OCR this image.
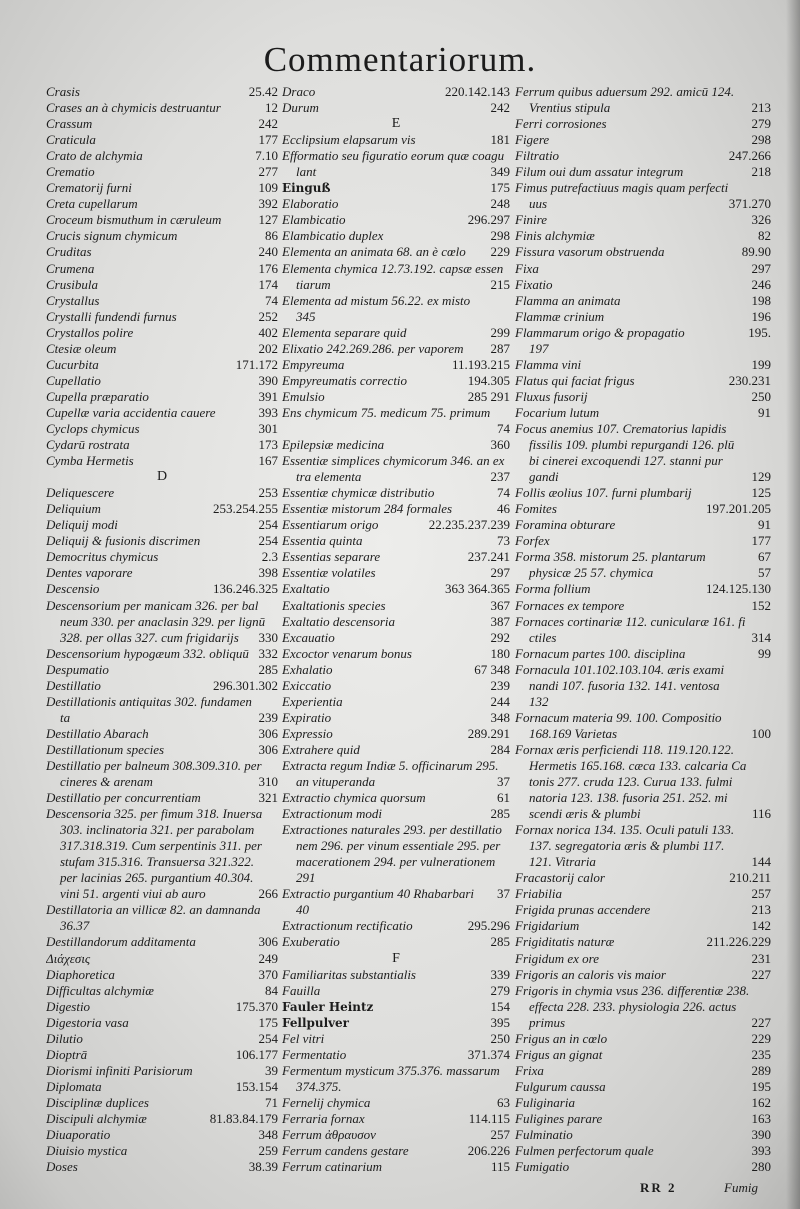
Commentariorum.
Crasis	25.42
Crases an à chymicis destruantur	12
Crassum	242
Craticula	177
Crato de alchymia	7.10
Crematio	277
Crematorij furni	109
Creta cupellarum	392
Croceum bismuthum in cæruleum	127
Crucis signum chymicum	86
Cruditas	240
Crumena	176
Crusibula	174
Crystallus	74
Crystalli fundendi furnus	252
Crystallos polire	402
Ctesiæ oleum	202
Cucurbita	171.172
Cupellatio	390
Cupella præparatio	391
Cupellæ varia accidentia cauere	393
Cyclops chymicus	301
Cydarū rostrata	173
Cymba Hermetis	167
D
Deliquescere	253
Deliquium	253.254.255
Deliquij modi	254
Deliquij & fusionis discrimen	254
Democritus chymicus	2.3
Dentes vaporare	398
Descensio	136.246.325
Descensorium per manicam 326. per bal
neum 330. per anaclasin 329. per lignū
328. per ollas 327. cum frigidarijs	330
Descensorium hypogæum 332. obliquū 332
Despumatio	285
Destillatio	296.301.302
Destillationis antiquitas 302. fundamen
ta	239
Destillatio Abarach	306
Destillationum species	306
Destillatio per balneum 308.309.310. per
cineres & arenam	310
Destillatio per concurrentiam	321
Descensoria 325. per fimum 318. Inuersa
303. inclinatoria 321. per parabolam
317.318.319. Cum serpentinis 311. per
stufam 315.316. Transuersa 321.322.
per lacinias 265. purgantium 40.304.
vini 51. argenti viui ab auro	266
Destillatoria an villicæ 82. an damnanda
36.37
Destillandorum additamenta	306
Διάχεσις	249
Diaphoretica	370
Difficultas alchymiæ	84
Digestio	175.370
Digestoria vasa	175
Dilutio	254
Dioptrā	106.177
Diorismi infiniti Parisiorum	39
Diplomata	153.154
Disciplinæ duplices	71
Discipuli alchymiæ	81.83.84.179
Diuaporatio	348
Diuisio mystica	259
Doses	38.39
Draco	220.142.143
Durum	242
E
Ecclipsium elapsarum vis	181
Efformatio seu figuratio eorum quæ coagu
lant	349
Einguß	175
Elaboratio	248
Elambicatio	296.297
Elambicatio duplex	298
Elementa an animata 68. an è cœlo	229
Elementa chymica 12.73.192. capsæ essen
tiarum	215
Elementa ad mistum 56.22. ex misto
345
Elementa separare quid	299
Elixatio 242.269.286. per vaporem	287
Empyreuma	11.193.215
Empyreumatis correctio	194.305
Emulsio	285 291
Ens chymicum 75. medicum 75. primum
74
Epilepsiæ medicina	360
Essentiæ simplices chymicorum 346. an ex
tra elementa	237
Essentiæ chymicæ distributio	74
Essentiæ mistorum 284 formales	46
Essentiarum origo	22.235.237.239
Essentia quinta	73
Essentias separare	237.241
Essentiæ volatiles	297
Exaltatio	363 364.365
Exaltationis species	367
Exaltatio descensoria	387
Excauatio	292
Excoctor venarum bonus	180
Exhalatio	67 348
Exiccatio	239
Experientia	244
Expiratio	348
Expressio	289.291
Extrahere quid	284
Extracta regum Indiæ 5. officinarum 295.
an vituperanda	37
Extractio chymica quorsum	61
Extractionum modi	285
Extractiones naturales 293. per destillatio
nem 296. per vinum essentiale 295. per
macerationem 294. per vulnerationem
291
Extractio purgantium 40 Rhabarbari	37
40
Extractionum rectificatio	295.296
Exuberatio	285
F
Familiaritas substantialis	339
Fauilla	279
Fauler Heintz	154
Fellpulver	395
Fel vitri	250
Fermentatio	371.374
Fermentum mysticum 375.376. massarum
374.375.
Fernelij chymica	63
Ferraria fornax	114.115
Ferrum ἀθραυσον	257
Ferrum candens gestare	206.226
Ferrum catinarium	115
Ferrum quibus aduersum 292. amicū 124.
Vrentius stipula	213
Ferri corrosiones	279
Figere	298
Filtratio	247.266
Filum oui dum assatur integrum	218
Fimus putrefactiuus magis quam perfecti
uus	371.270
Finire	326
Finis alchymiæ	82
Fissura vasorum obstruenda	89.90
Fixa	297
Fixatio	246
Flamma an animata	198
Flammæ crinium	196
Flammarum origo & propagatio	195.
197
Flamma vini	199
Flatus qui faciat frigus	230.231
Fluxus fusorij	250
Focarium lutum	91
Focus anemius 107. Crematorius lapidis
fissilis 109. plumbi repurgandi 126. plū
bi cinerei excoquendi 127. stanni pur
gandi	129
Follis æolius 107. furni plumbarij	125
Fomites	197.201.205
Foramina obturare	91
Forfex	177
Forma 358. mistorum 25. plantarum	67
physicæ 25 57. chymica	57
Forma follium	124.125.130
Fornaces ex tempore	152
Fornaces cortinariæ 112. cunicularæ 161. fi
ctiles	314
Fornacum partes 100. disciplina	99
Fornacula 101.102.103.104. æris exami
nandi 107. fusoria 132. 141. ventosa
132
Fornacum materia 99. 100. Compositio
168.169 Varietas	100
Fornax æris perficiendi 118. 119.120.122.
Hermetis 165.168. cæca 133. calcaria Ca
tonis 277. cruda 123. Curua 133. fulmi
natoria 123. 138. fusoria 251. 252. mi
scendi æris & plumbi	116
Fornax norica 134. 135. Oculi patuli 133.
137. segregatoria æris & plumbi 117.
121. Vitraria	144
Fracastorij calor	210.211
Friabilia	257
Frigida prunas accendere	213
Frigidarium	142
Frigiditatis naturæ	211.226.229
Frigidum ex ore	231
Frigoris an caloris vis maior	227
Frigoris in chymia vsus 236. differentiæ 238.
effecta 228. 233. physiologia 226. actus
primus	227
Frigus an in cœlo	229
Frigus an gignat	235
Frixa	289
Fulgurum caussa	195
Fuliginaria	162
Fuligines parare	163
Fulminatio	390
Fulmen perfectorum quale	393
Fumigatio	280
RR 2	Fumig
